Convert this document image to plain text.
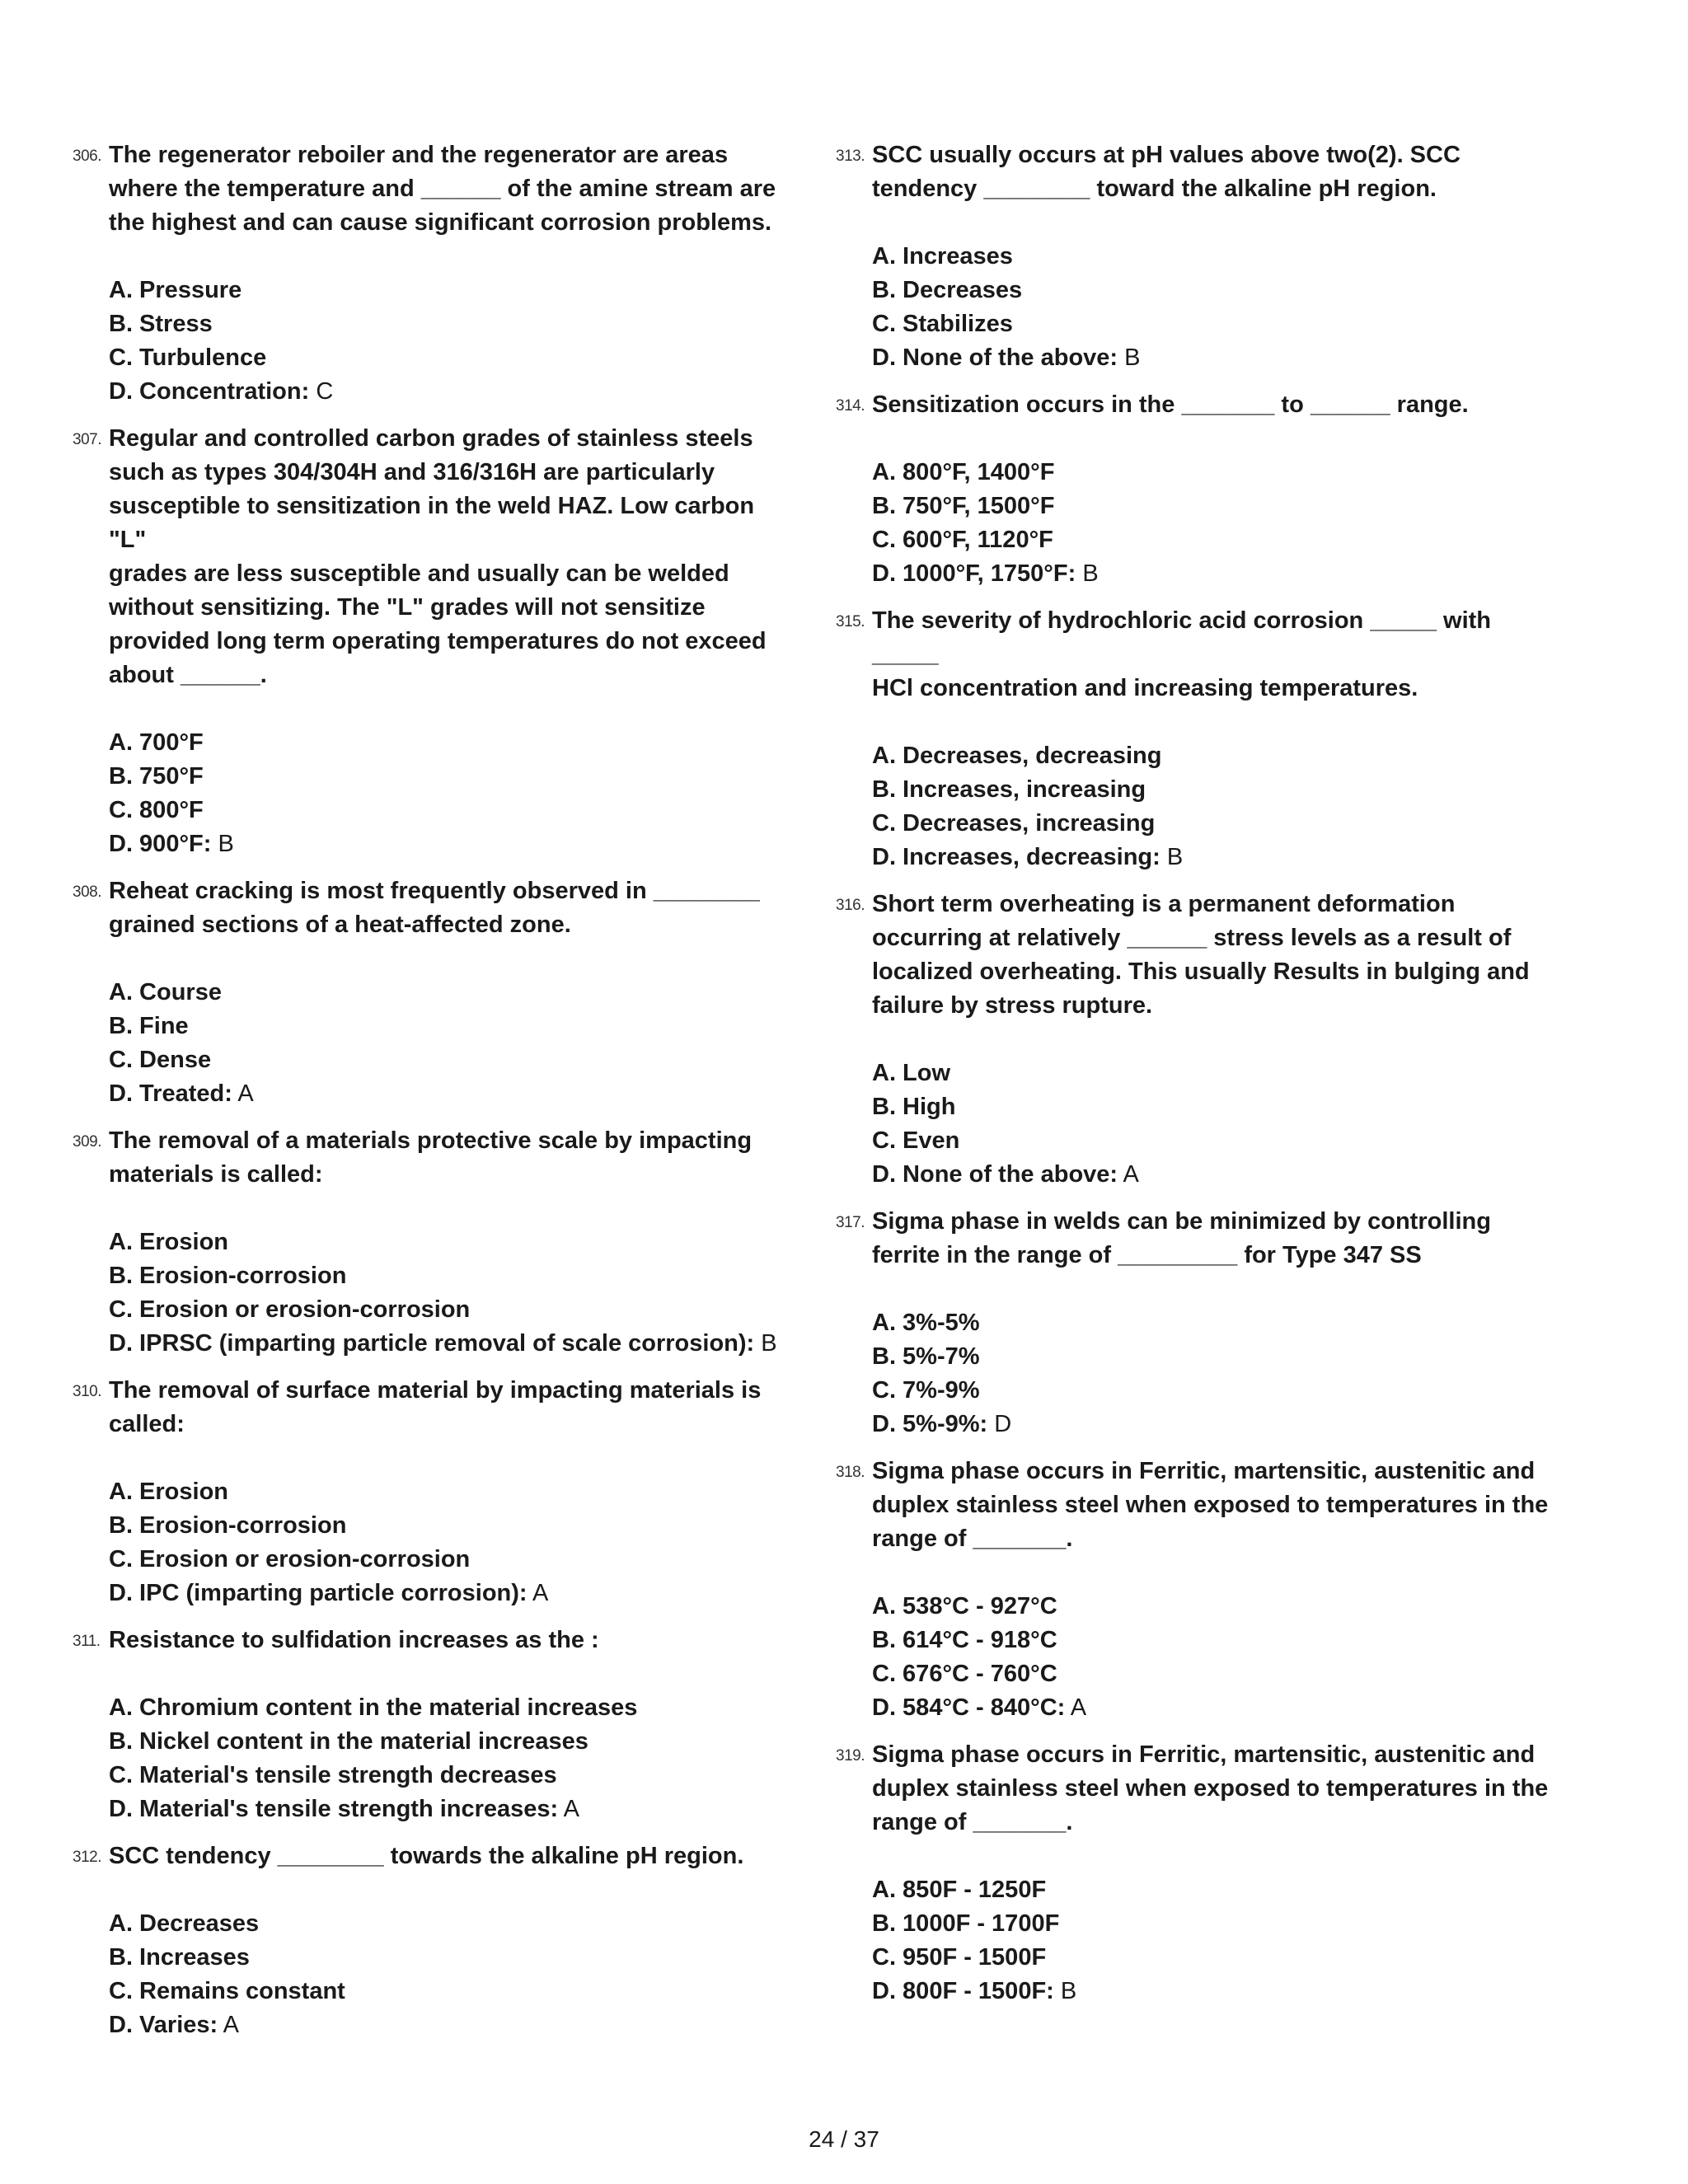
306. The regenerator reboiler and the regenerator are areas
where the temperature and ______ of the amine stream are
the highest and can cause significant corrosion problems.
A. Pressure
B. Stress
C. Turbulence
D. Concentration: C
307. Regular and controlled carbon grades of stainless steels
such as types 304/304H and 316/316H are particularly
susceptible to sensitization in the weld HAZ. Low carbon "L"
grades are less susceptible and usually can be welded
without sensitizing. The "L" grades will not sensitize
provided long term operating temperatures do not exceed
about ______.
A. 700°F
B. 750°F
C. 800°F
D. 900°F: B
308. Reheat cracking is most frequently observed in ________
grained sections of a heat-affected zone.
A. Course
B. Fine
C. Dense
D. Treated: A
309. The removal of a materials protective scale by impacting
materials is called:
A. Erosion
B. Erosion-corrosion
C. Erosion or erosion-corrosion
D. IPRSC (imparting particle removal of scale corrosion): B
310. The removal of surface material by impacting materials is
called:
A. Erosion
B. Erosion-corrosion
C. Erosion or erosion-corrosion
D. IPC (imparting particle corrosion): A
311. Resistance to sulfidation increases as the :
A. Chromium content in the material increases
B. Nickel content in the material increases
C. Material's tensile strength decreases
D. Material's tensile strength increases: A
312. SCC tendency ________ towards the alkaline pH region.
A. Decreases
B. Increases
C. Remains constant
D. Varies: A
313. SCC usually occurs at pH values above two(2). SCC
tendency ________ toward the alkaline pH region.
A. Increases
B. Decreases
C. Stabilizes
D. None of the above: B
314. Sensitization occurs in the _______ to ______ range.
A. 800°F, 1400°F
B. 750°F, 1500°F
C. 600°F, 1120°F
D. 1000°F, 1750°F: B
315. The severity of hydrochloric acid corrosion _____ with _____
HCl concentration and increasing temperatures.
A. Decreases, decreasing
B. Increases, increasing
C. Decreases, increasing
D. Increases, decreasing: B
316. Short term overheating is a permanent deformation
occurring at relatively ______ stress levels as a result of
localized overheating. This usually Results in bulging and
failure by stress rupture.
A. Low
B. High
C. Even
D. None of the above: A
317. Sigma phase in welds can be minimized by controlling
ferrite in the range of _________ for Type 347 SS
A. 3%-5%
B. 5%-7%
C. 7%-9%
D. 5%-9%: D
318. Sigma phase occurs in Ferritic, martensitic, austenitic and
duplex stainless steel when exposed to temperatures in the
range of _______.
A. 538°C - 927°C
B. 614°C - 918°C
C. 676°C - 760°C
D. 584°C - 840°C: A
319. Sigma phase occurs in Ferritic, martensitic, austenitic and
duplex stainless steel when exposed to temperatures in the
range of _______.
A. 850F - 1250F
B. 1000F - 1700F
C. 950F - 1500F
D. 800F - 1500F: B
24 / 37
